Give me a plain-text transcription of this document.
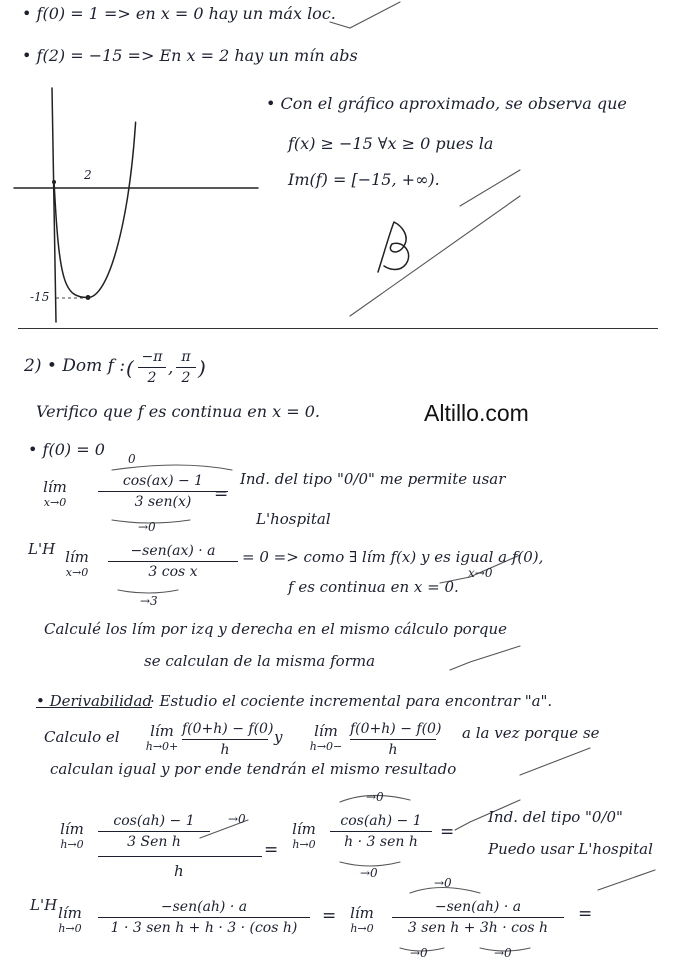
• f(0) = 1 => en x = 0 hay un máx loc.
• f(2) = −15 => En x = 2 hay un mín abs
2
-15
• Con el gráfico aproximado, se observa que
f(x) ≥ −15 ∀x ≥ 0 pues la
Im(f) = [−15, +∞).
Altillo.com
2) • Dom f : ( −π
2 ,
π
2 )
Verifico que f es continua en x = 0.
• f(0) = 0
lím
x→0
0
cos(ax) − 1
3 sen(x)
→0
=
Ind. del tipo "0/0" me permite usar
L'hospital
L'H lím
x→0
−sen(ax) · a
3 cos x
→3
= 0 => como ∃ lím f(x) y es igual a f(0),
x→0
f es continua en x = 0.
Calculé los lím por izq y derecha en el mismo cálculo porque
se calculan de la misma forma
• Derivabilidad
· Estudio el cociente incremental para encontrar "a".
Calculo el	lím
h→0+
f(0+h) − f(0)
h
y	lím
h→0−
f(0+h) − f(0)
h
a la vez porque se
calculan igual y por ende tendrán el mismo resultado
lím
h→0
cos(ah) − 1
3 Sen h
→0
h
=
lím
h→0
→0
cos(ah) − 1
h · 3 sen h
→0
=
Ind. del tipo "0/0"
Puedo usar L'hospital
L'H lím
h→0
−sen(ah) · a
1 · 3 sen h + h · 3 · (cos h)
= lím
h→0
→0
−sen(ah) · a
3 sen h + 3h · cos h
→0	→0
=
